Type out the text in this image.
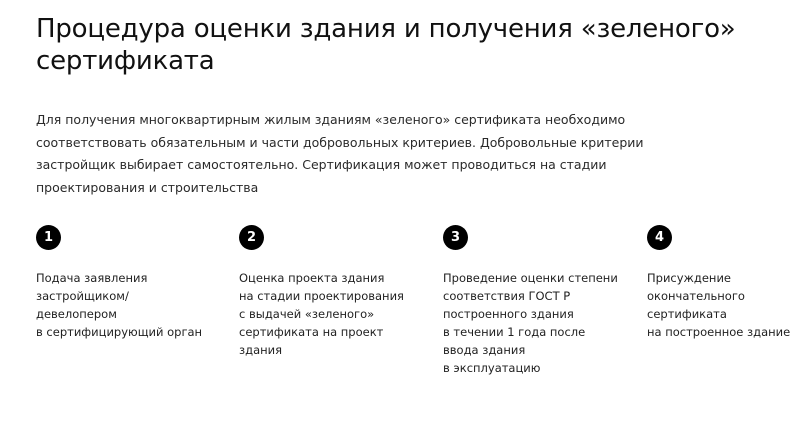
Процедура оценки здания и получения «зеленого» сертификата

Для получения многоквартирным жилым зданиям «зеленого» сертификата необходимо соответствовать обязательным и части добровольных критериев. Добровольные критерии застройщик выбирает самостоятельно. Сертификация может проводиться на стадии проектирования и строительства

1
Подача заявления
застройщиком/
девелопером
в сертифицирующий орган
2
Оценка проекта здания
на стадии проектирования
с выдачей «зеленого»
сертификата на проект
здания
3
Проведение оценки степени
соответствия ГОСТ Р
построенного здания
в течении 1 года после
ввода здания
в эксплуатацию
4
Присуждение
окончательного
сертификата
на построенное здание
